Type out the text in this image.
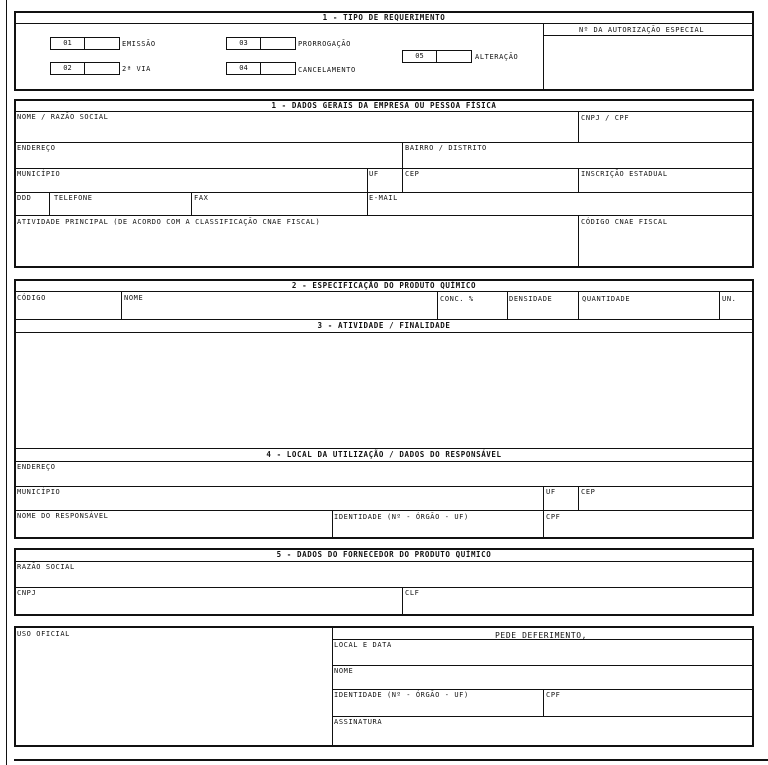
1 - TIPO DE REQUERIMENTO
Nº DA AUTORIZAÇÃO ESPECIAL
01	EMISSÃO
02	2ª VIA
03	PRORROGAÇÃO
04	CANCELAMENTO
05	ALTERAÇÃO
1 - DADOS GERAIS DA EMPRESA OU PESSOA FÍSICA
NOME / RAZÃO SOCIAL	CNPJ / CPF
ENDEREÇO	BAIRRO / DISTRITO
MUNICÍPIO	UF	CEP	INSCRIÇÃO ESTADUAL
DDD	TELEFONE	FAX	E-MAIL
ATIVIDADE PRINCIPAL (DE ACORDO COM A CLASSIFICAÇÃO CNAE FISCAL)	CÓDIGO CNAE FISCAL
2 - ESPECIFICAÇÃO DO PRODUTO QUÍMICO
CÓDIGO	NOME	CONC. %	DENSIDADE	QUANTIDADE	UN.
3 - ATIVIDADE / FINALIDADE
4 - LOCAL DA UTILIZAÇÃO / DADOS DO RESPONSÁVEL
ENDEREÇO
MUNICÍPIO	UF	CEP
NOME DO RESPONSÁVEL	IDENTIDADE (Nº - ÓRGÃO - UF)	CPF
5 - DADOS DO FORNECEDOR DO PRODUTO QUÍMICO
RAZÃO SOCIAL
CNPJ	CLF
USO OFICIAL	PEDE DEFERIMENTO,
LOCAL E DATA
NOME
IDENTIDADE (Nº - ÓRGÃO - UF)	CPF
ASSINATURA
